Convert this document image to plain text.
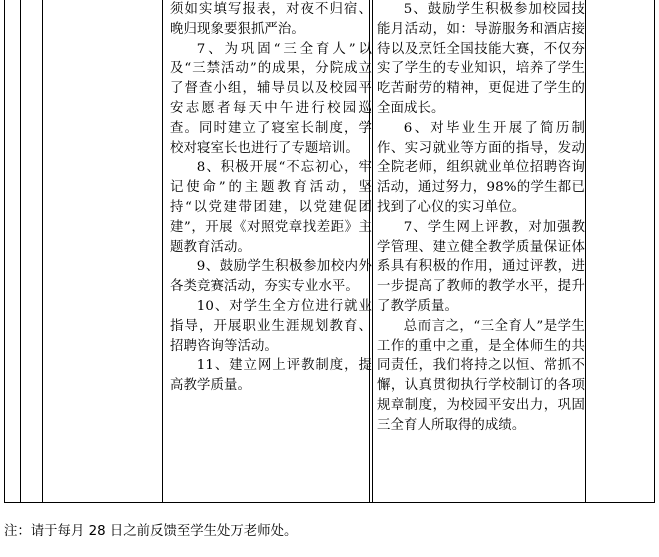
须如实填写报表，对夜不归宿、晚归现象要狠抓严治。

7、为巩固“三全育人”以及“三禁活动”的成果，分院成立了督查小组，辅导员以及校园平安志愿者每天中午进行校园巡查。同时建立了寝室长制度，学校对寝室长也进行了专题培训。

8、积极开展“不忘初心，牢记使命”的主题教育活动，坚持“以党建带团建，以党建促团建”，开展《对照党章找差距》主题教育活动。

9、鼓励学生积极参加校内外各类竞赛活动，夯实专业水平。

10、对学生全方位进行就业指导，开展职业生涯规划教育、招聘咨询等活动。

11、建立网上评教制度，提高教学质量。

5、鼓励学生积极参加校园技能月活动，如：导游服务和酒店接待以及烹饪全国技能大赛，不仅夯实了学生的专业知识，培养了学生吃苦耐劳的精神，更促进了学生的全面成长。

6、对毕业生开展了简历制作、实习就业等方面的指导，发动全院老师，组织就业单位招聘咨询活动，通过努力，98%的学生都已找到了心仪的实习单位。

7、学生网上评教，对加强教学管理、建立健全教学质量保证体系具有积极的作用，通过评教，进一步提高了教师的教学水平，提升了教学质量。

总而言之，“三全育人”是学生工作的重中之重，是全体师生的共同责任，我们将持之以恒、常抓不懈，认真贯彻执行学校制订的各项规章制度，为校园平安出力，巩固三全育人所取得的成绩。

注：请于每月 28 日之前反馈至学生处万老师处。
